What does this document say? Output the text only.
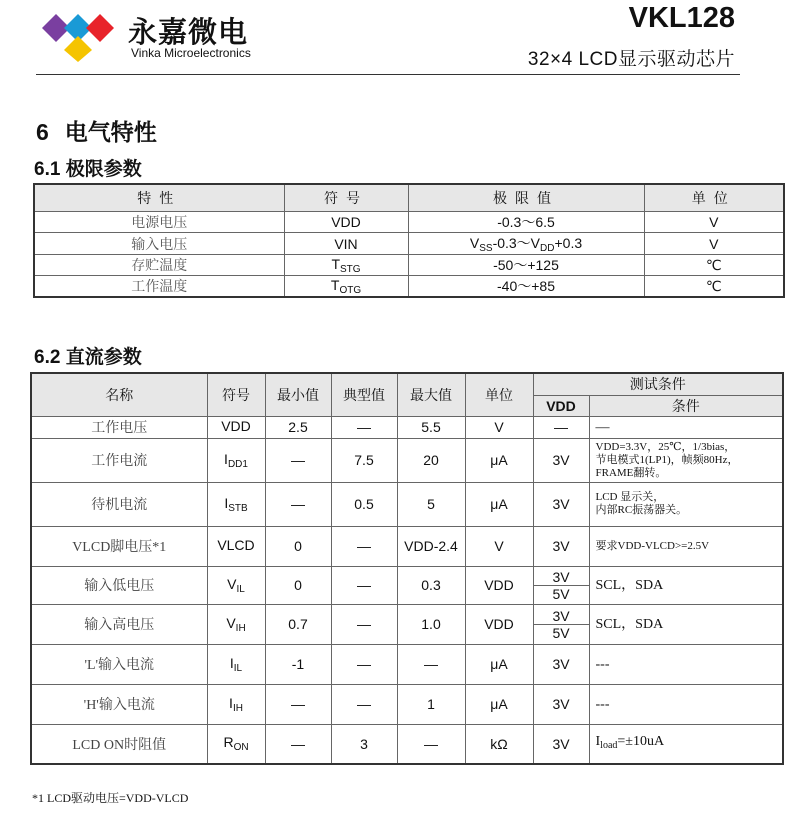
永嘉微电
Vinka Microelectronics
VKL128
32×4 LCD显示驱动芯片
6 电气特性
6.1 极限参数
特性	符号	极限值	单位
电源电压	VDD	-0.3～6.5	V
输入电压	VIN	$V_{SS}-0.3\sim V_{DD}+0.3$	V
存贮温度	$T_{STG}$	-50～+125	℃
工作温度	$T_{OTG}$	-40～+85	℃
6.2 直流参数
名称	符号	最小值	典型值	最大值	单位	测试条件	
						VDD	条件
工作电压	VDD	2.5	—	5.5	V	—	—

工作电流	$I_{DD1}$	—	7.5	20	μA	3V	VDD=3.3V，25℃，1/3bias，
节电模式1(LP1)，帧频80Hz，
FRAME翻转。

待机电流	$I_{STB}$	—	0.5	5	μA	3V	LCD 显示关，
内部RC振荡器关。

VLCD脚电压*1	VLCD	0	—	VDD-2.4	V	3V	要求VDD-VLCD>=2.5V

输入低电压	$V_{IL}$	0	—	0.3	VDD	3V
5V	SCL，SDA

输入高电压	$V_{IH}$	0.7	—	1.0	VDD	3V
5V	SCL，SDA

'L'输入电流	$I_{IL}$	-1	—	—	μA	3V	---

'H'输入电流	$I_{IH}$	—	—	1	μA	3V	---

LCD ON时阻值	$R_{ON}$	—	3	—	kΩ	3V	$I_{load}=\pm 10uA$
*1 LCD驱动电压=VDD-VLCD
